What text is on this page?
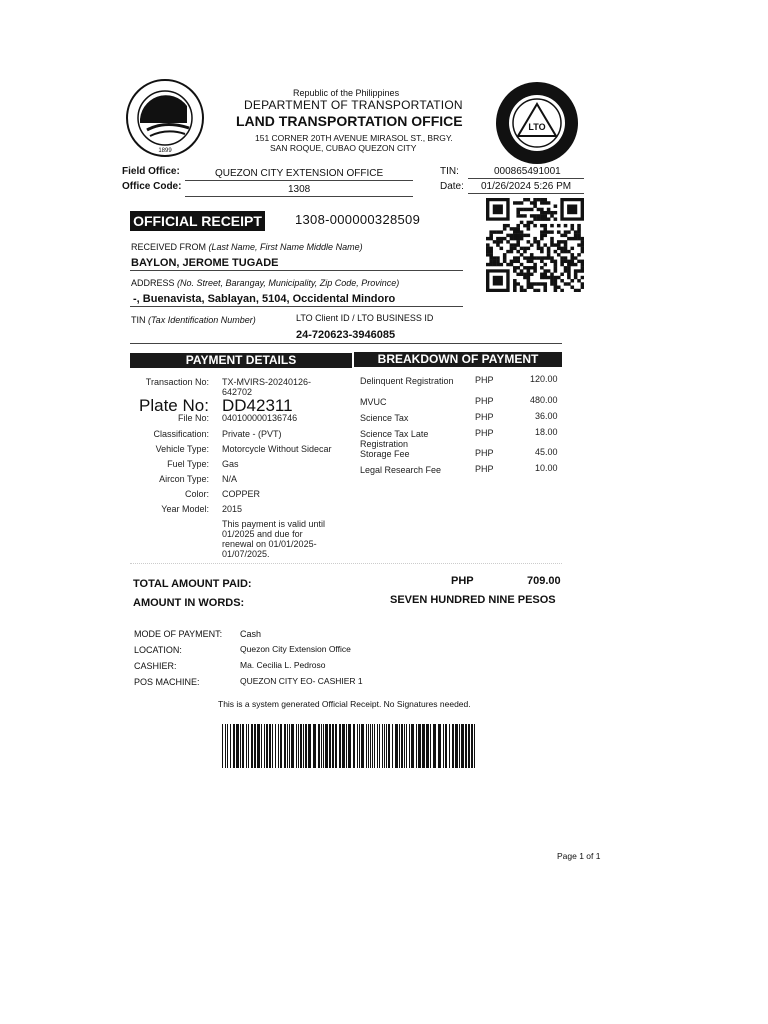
1899
Republic of the Philippines
DEPARTMENT OF TRANSPORTATION
LAND TRANSPORTATION OFFICE
151 CORNER 20TH AVENUE MIRASOL ST., BRGY.
SAN ROQUE, CUBAO QUEZON CITY
LTO
Field Office:	QUEZON CITY EXTENSION OFFICE
Office Code:	1308
TIN:	000865491001
Date: 01/26/2024 5:26 PM
OFFICIAL RECEIPT	1308-000000328509
RECEIVED FROM (Last Name, First Name Middle Name)
BAYLON, JEROME TUGADE
ADDRESS (No. Street, Barangay, Municipality, Zip Code, Province)
-, Buenavista, Sablayan, 5104, Occidental Mindoro
TIN (Tax Identification Number)	LTO Client ID / LTO BUSINESS ID
24-720623-3946085
PAYMENT DETAILS	BREAKDOWN OF PAYMENT
Transaction No: TX-MVIRS-20240126-
642702
Plate No: DD42311
File No: 040100000136746
Classification: Private - (PVT)
Vehicle Type: Motorcycle Without Sidecar
Fuel Type: Gas
Aircon Type: N/A
Color: COPPER
Year Model: 2015
This payment is valid until
01/2025 and due for
renewal on 01/01/2025-
01/07/2025.
Delinquent Registration PHP	120.00
MVUC	PHP	480.00
Science Tax	PHP	36.00
Science Tax Late
Registration
PHP	18.00
Storage Fee	PHP	45.00
Legal Research Fee	PHP	10.00
TOTAL AMOUNT PAID:	PHP	709.00
AMOUNT IN WORDS:	SEVEN HUNDRED NINE PESOS
MODE OF PAYMENT: Cash
LOCATION:	Quezon City Extension Office
CASHIER:	Ma. Cecilia L. Pedroso
POS MACHINE:	QUEZON CITY EO- CASHIER 1
This is a system generated Official Receipt. No Signatures needed.
Page 1 of 1
